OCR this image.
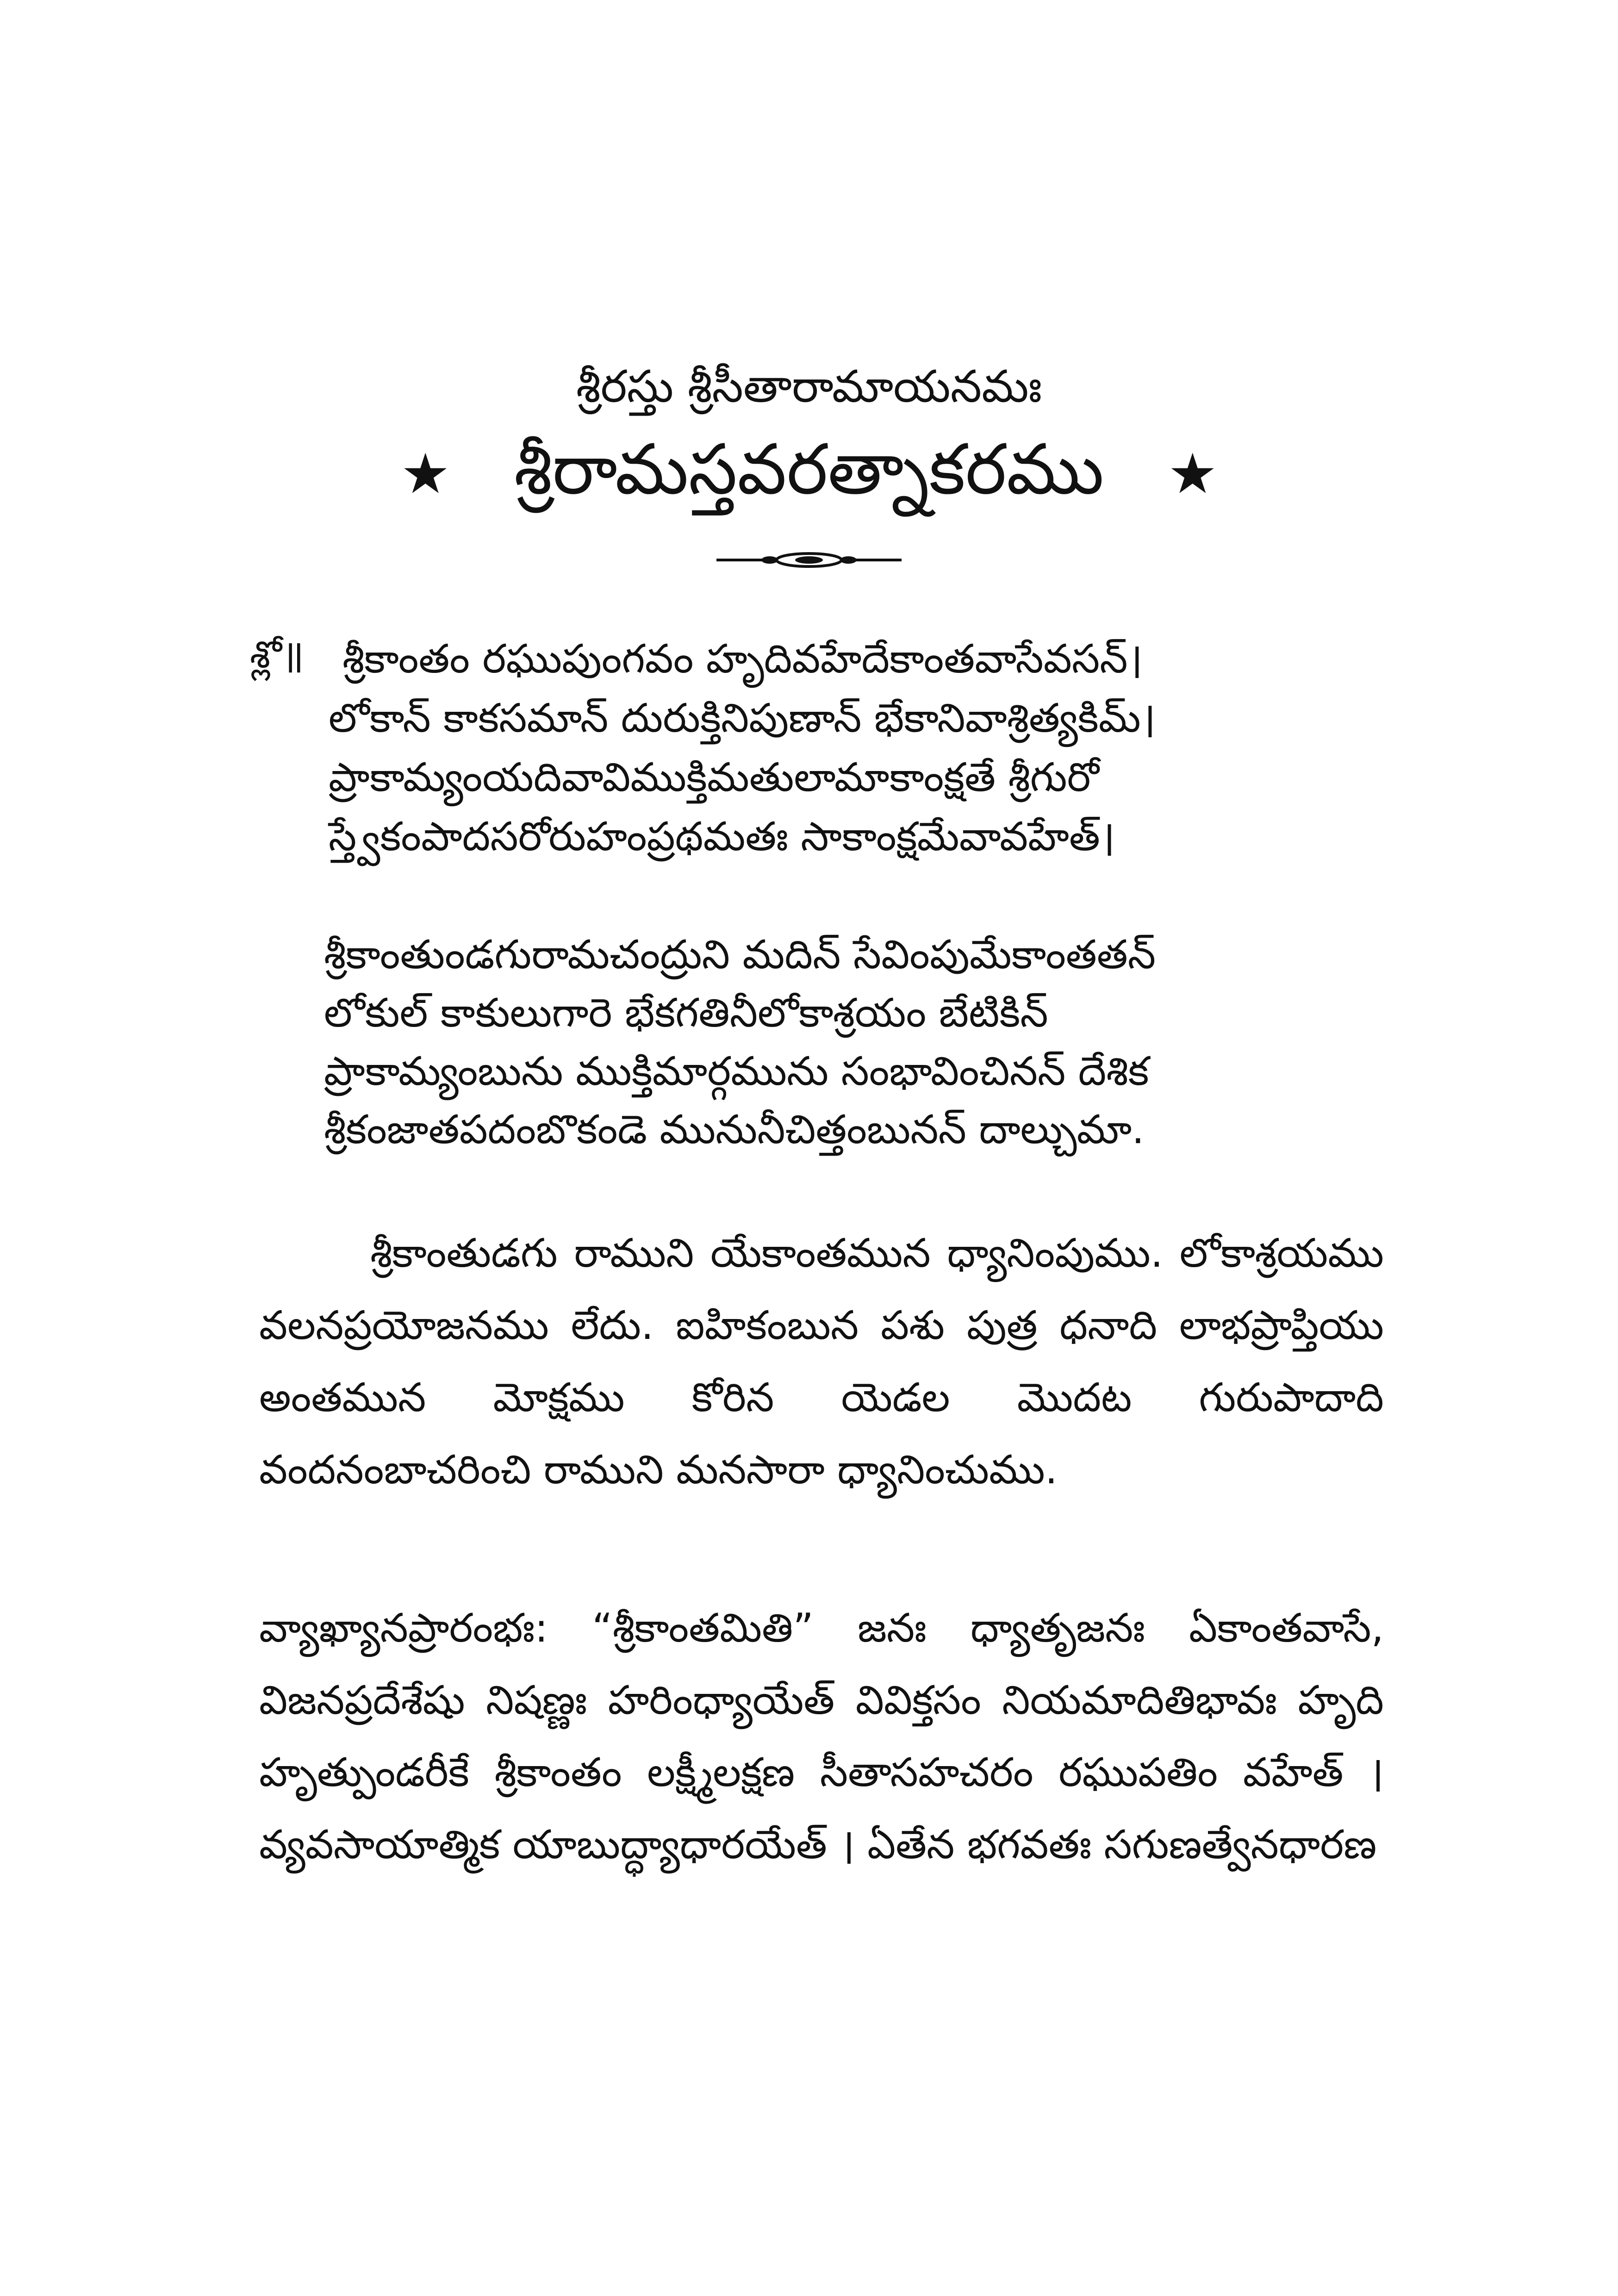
శ్రీరస్తు శ్రీసీతారామాయనమః
★ శ్రీరామస్తవరత్నాకరము ★
శ్లో॥ శ్రీకాంతం రఘుపుంగవం హృదివహేదేకాంతవాసేవసన్।

లోకాన్ కాకసమాన్ దురుక్తినిపుణాన్ భేకానివాశ్రిత్యకిమ్।

ప్రాకామ్యంయదివావిముక్తిమతులామాకాంక్షతే శ్రీగురో

స్త్వేకంపాదసరోరుహంప్రథమతః సాకాంక్షమేవావహేత్।

శ్రీకాంతుండగురామచంద్రుని మదిన్ సేవింపుమేకాంతతన్

లోకుల్ కాకులుగారె భేకగతినీలోకాశ్రయం బేటికిన్

ప్రాకామ్యంబును ముక్తిమార్గమును సంభావించినన్ దేశిక

శ్రీకంజాతపదంబొకండె మునునీచిత్తంబునన్ దాల్చుమా.

శ్రీకాంతుడగు రాముని యేకాంతమున ధ్యానింపుము. లోకాశ్రయము వలనప్రయోజనము లేదు. ఐహికంబున పశు పుత్ర ధనాది లాభప్రాప్తియు అంతమున మోక్షము కోరిన యెడల మొదట గురుపాదాది వందనంబాచరించి రాముని మనసారా ధ్యానించుము.

వ్యాఖ్యానప్రారంభః: “శ్రీకాంతమితి” జనః ధ్యాతృజనః ఏకాంతవాసే, విజనప్రదేశేషు నిషణ్ణః హరింధ్యాయేత్ వివిక్తసం నియమాదితిభావః హృది హృత్పుండరీకే శ్రీకాంతం లక్ష్మీలక్షణ సీతాసహచరం రఘుపతిం వహేత్ । వ్యవసాయాత్మిక యాబుద్ధ్యాధారయేత్ । ఏతేన భగవతః సగుణత్వేనధారణ
